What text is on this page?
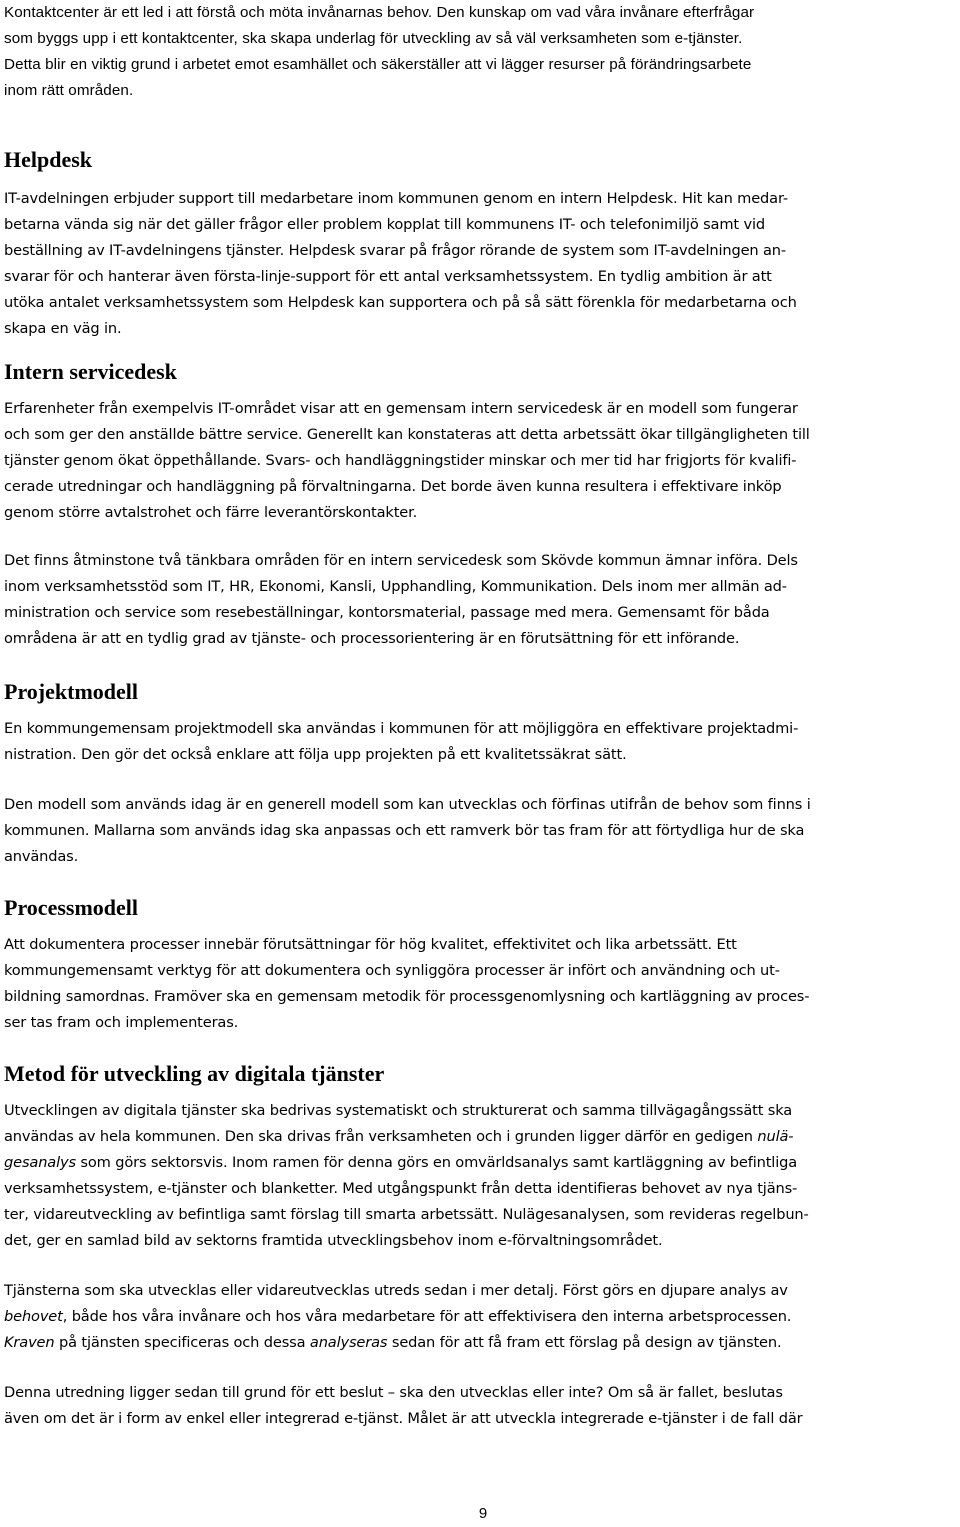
Kontaktcenter är ett led i att förstå och möta invånarnas behov. Den kunskap om vad våra invånare efterfrågar
som byggs upp i ett kontaktcenter, ska skapa underlag för utveckling av så väl verksamheten som e-tjänster.
Detta blir en viktig grund i arbetet emot esamhället och säkerställer att vi lägger resurser på förändringsarbete
inom rätt områden.

Helpdesk

IT-avdelningen erbjuder support till medarbetare inom kommunen genom en intern Helpdesk. Hit kan medar-
betarna vända sig när det gäller frågor eller problem kopplat till kommunens IT- och telefonimiljö samt vid
beställning av IT-avdelningens tjänster. Helpdesk svarar på frågor rörande de system som IT-avdelningen an-
svarar för och hanterar även första-linje-support för ett antal verksamhetssystem. En tydlig ambition är att
utöka antalet verksamhetssystem som Helpdesk kan supportera och på så sätt förenkla för medarbetarna och
skapa en väg in.

Intern servicedesk

Erfarenheter från exempelvis IT-området visar att en gemensam intern servicedesk är en modell som fungerar
och som ger den anställde bättre service. Generellt kan konstateras att detta arbetssätt ökar tillgängligheten till
tjänster genom ökat öppethållande. Svars- och handläggningstider minskar och mer tid har frigjorts för kvalifi-
cerade utredningar och handläggning på förvaltningarna. Det borde även kunna resultera i effektivare inköp
genom större avtalstrohet och färre leverantörskontakter.

Det finns åtminstone två tänkbara områden för en intern servicedesk som Skövde kommun ämnar införa. Dels
inom verksamhetsstöd som IT, HR, Ekonomi, Kansli, Upphandling, Kommunikation. Dels inom mer allmän ad-
ministration och service som resebeställningar, kontorsmaterial, passage med mera. Gemensamt för båda
områdena är att en tydlig grad av tjänste- och processorientering är en förutsättning för ett införande.

Projektmodell

En kommungemensam projektmodell ska användas i kommunen för att möjliggöra en effektivare projektadmi-
nistration. Den gör det också enklare att följa upp projekten på ett kvalitetssäkrat sätt.

Den modell som används idag är en generell modell som kan utvecklas och förfinas utifrån de behov som finns i
kommunen. Mallarna som används idag ska anpassas och ett ramverk bör tas fram för att förtydliga hur de ska
användas.

Processmodell

Att dokumentera processer innebär förutsättningar för hög kvalitet, effektivitet och lika arbetssätt. Ett
kommungemensamt verktyg för att dokumentera och synliggöra processer är infört och användning och ut-
bildning samordnas. Framöver ska en gemensam metodik för processgenomlysning och kartläggning av proces-
ser tas fram och implementeras.

Metod för utveckling av digitala tjänster

Utvecklingen av digitala tjänster ska bedrivas systematiskt och strukturerat och samma tillvägagångssätt ska
användas av hela kommunen. Den ska drivas från verksamheten och i grunden ligger därför en gedigen nulä-
gesanalys som görs sektorsvis. Inom ramen för denna görs en omvärldsanalys samt kartläggning av befintliga
verksamhetssystem, e-tjänster och blanketter. Med utgångspunkt från detta identifieras behovet av nya tjäns-
ter, vidareutveckling av befintliga samt förslag till smarta arbetssätt. Nulägesanalysen, som revideras regelbun-
det, ger en samlad bild av sektorns framtida utvecklingsbehov inom e-förvaltningsområdet.

Tjänsterna som ska utvecklas eller vidareutvecklas utreds sedan i mer detalj. Först görs en djupare analys av
behovet, både hos våra invånare och hos våra medarbetare för att effektivisera den interna arbetsprocessen.
Kraven på tjänsten specificeras och dessa analyseras sedan för att få fram ett förslag på design av tjänsten.

Denna utredning ligger sedan till grund för ett beslut – ska den utvecklas eller inte? Om så är fallet, beslutas
även om det är i form av enkel eller integrerad e-tjänst. Målet är att utveckla integrerade e-tjänster i de fall där

9
